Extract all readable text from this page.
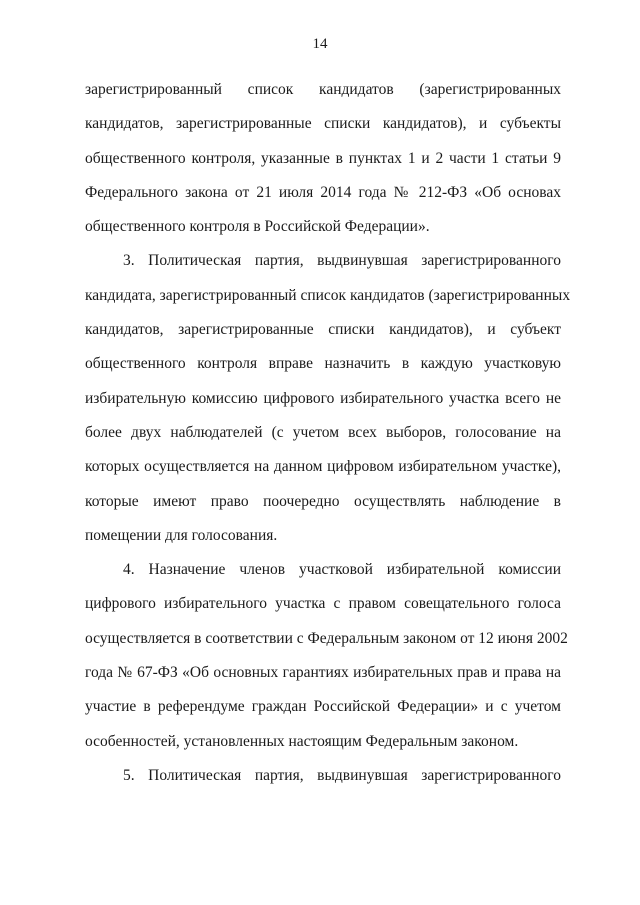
14
зарегистрированный список кандидатов (зарегистрированных
кандидатов, зарегистрированные списки кандидатов), и субъекты
общественного контроля, указанные в пунктах 1 и 2 части 1 статьи 9
Федерального закона от 21 июля 2014 года № 212-ФЗ «Об основах
общественного контроля в Российской Федерации».
3. Политическая партия, выдвинувшая зарегистрированного
кандидата, зарегистрированный список кандидатов (зарегистрированных
кандидатов, зарегистрированные списки кандидатов), и субъект
общественного контроля вправе назначить в каждую участковую
избирательную комиссию цифрового избирательного участка всего не
более двух наблюдателей (с учетом всех выборов, голосование на
которых осуществляется на данном цифровом избирательном участке),
которые имеют право поочередно осуществлять наблюдение в
помещении для голосования.
4. Назначение членов участковой избирательной комиссии
цифрового избирательного участка с правом совещательного голоса
осуществляется в соответствии с Федеральным законом от 12 июня 2002
года № 67-ФЗ «Об основных гарантиях избирательных прав и права на
участие в референдуме граждан Российской Федерации» и с учетом
особенностей, установленных настоящим Федеральным законом.
5. Политическая партия, выдвинувшая зарегистрированного
